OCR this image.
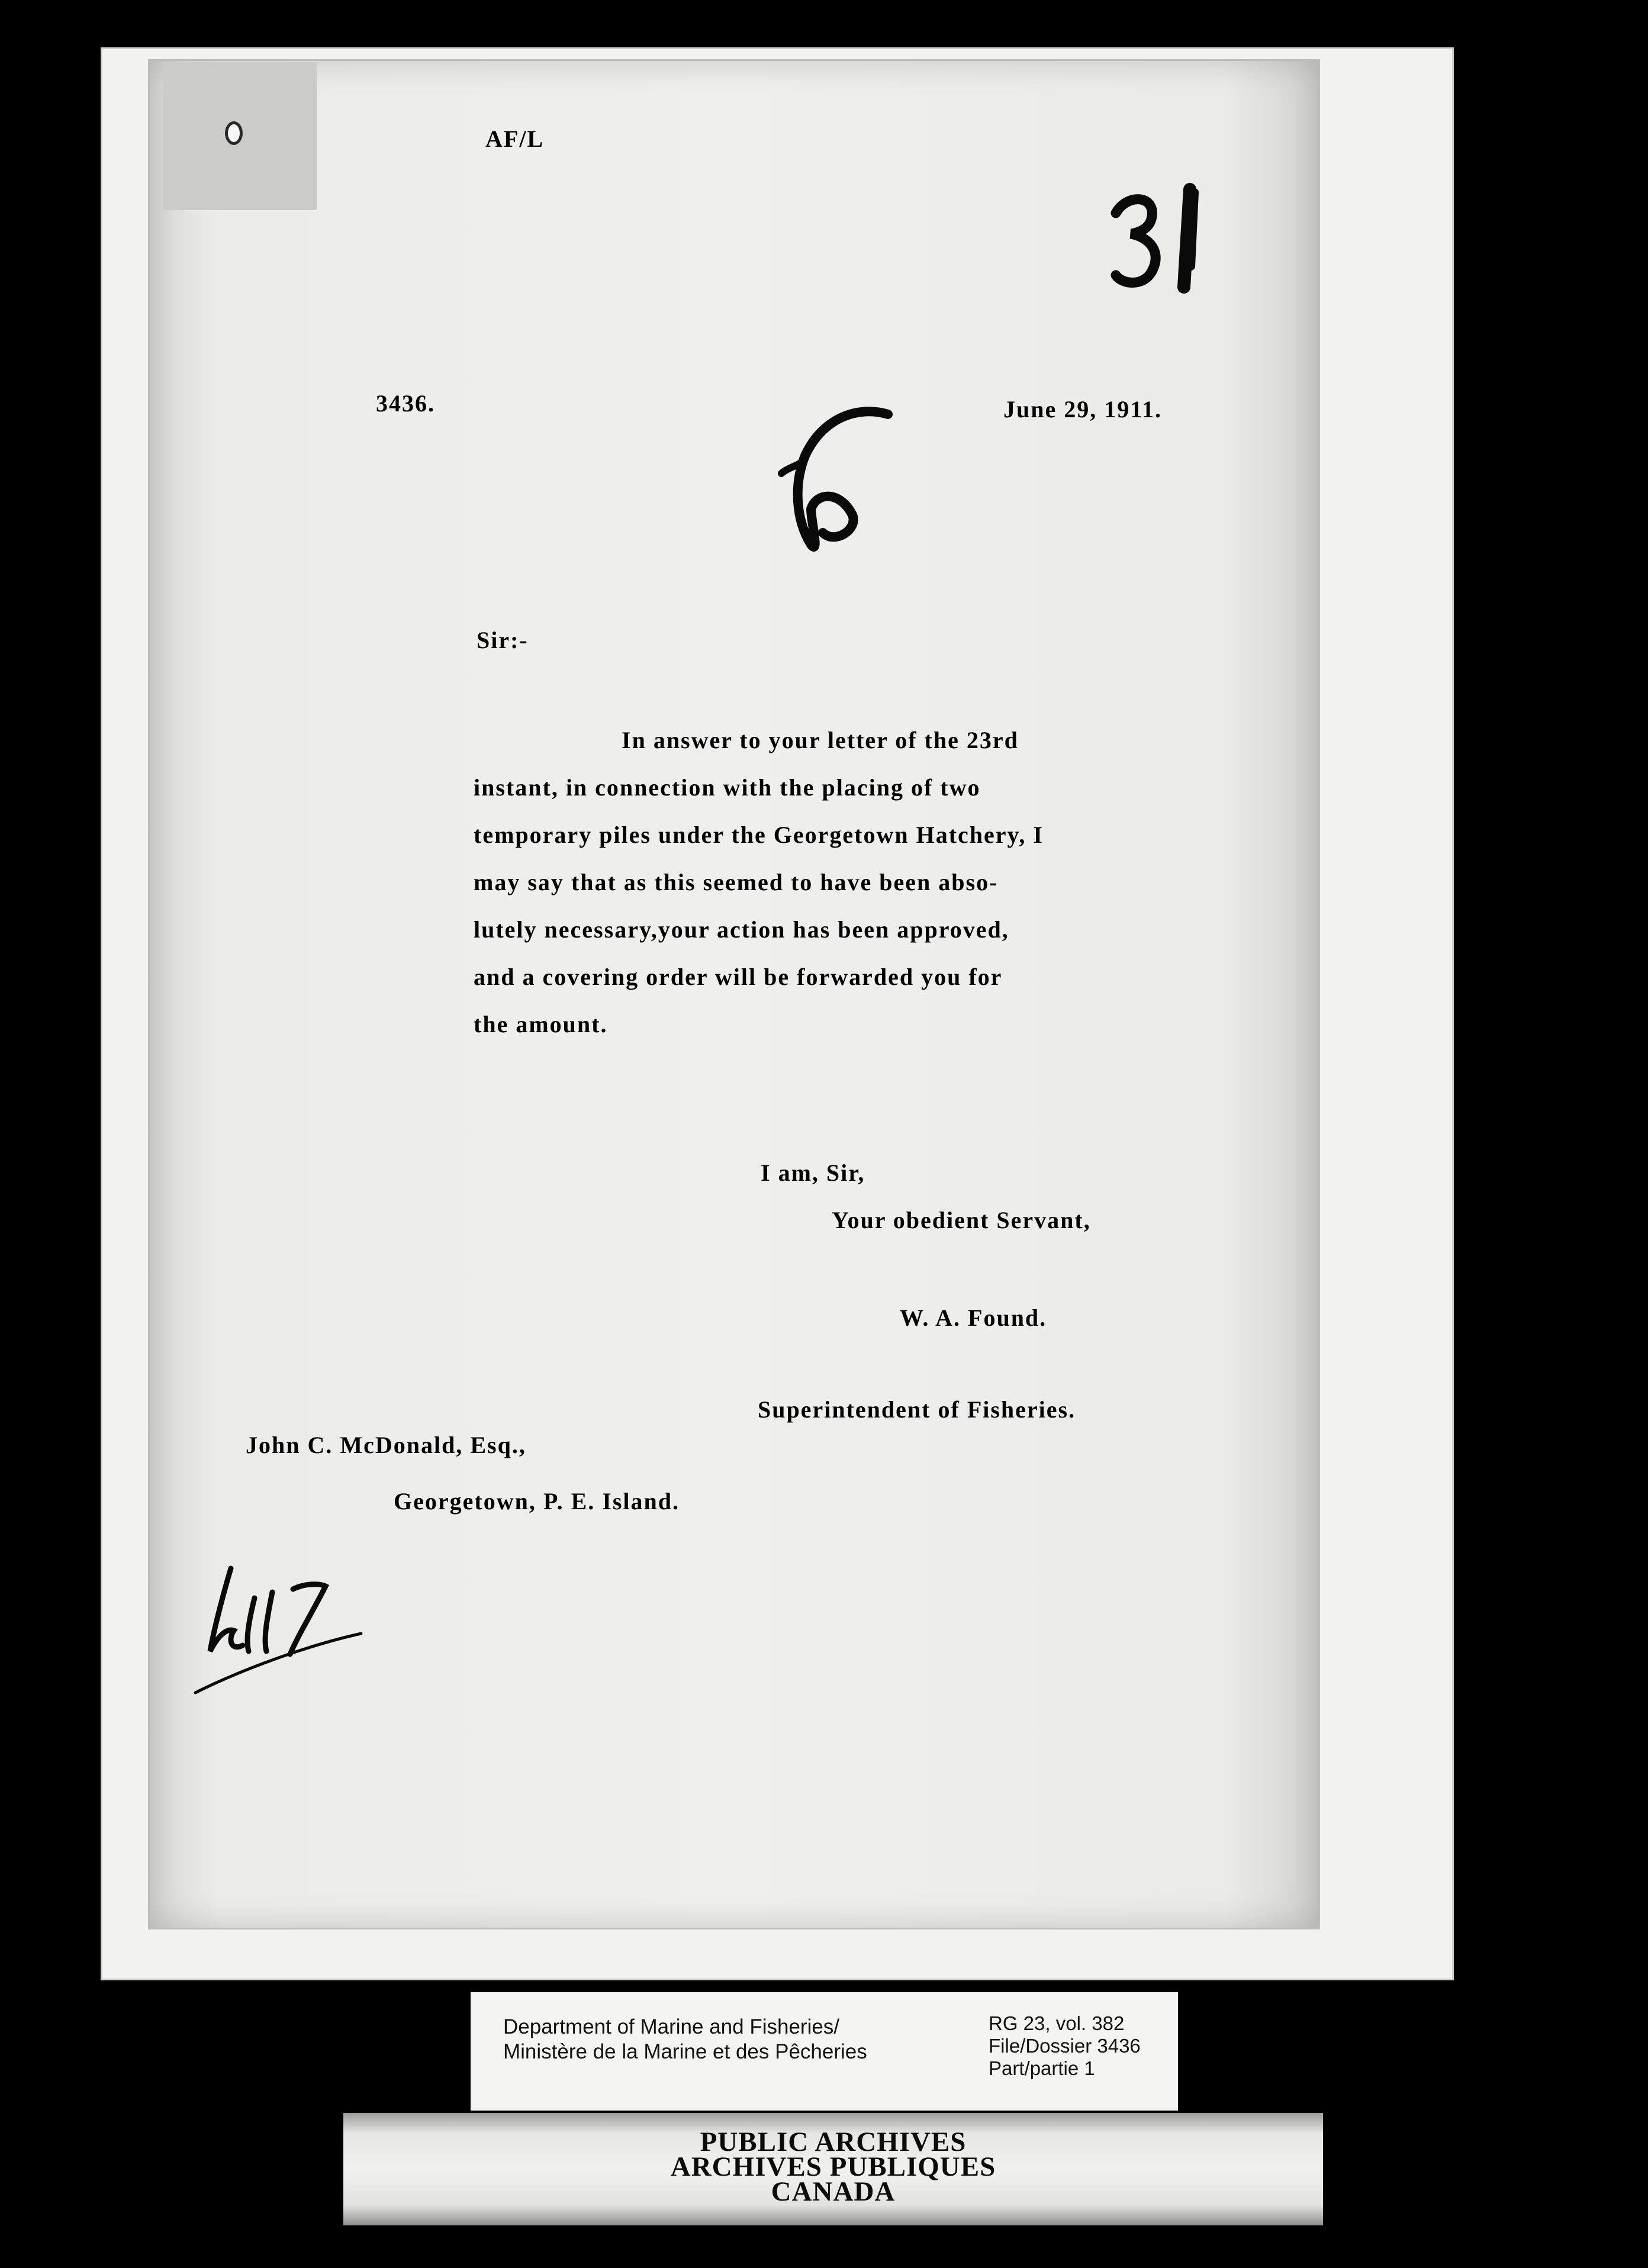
AF/L
3436.	June 29, 1911.
Sir:-
In answer to your letter of the 23rd
instant, in connection with the placing of two
temporary piles under the Georgetown Hatchery, I
may say that as this seemed to have been abso-
lutely necessary,your action has been approved,
and a covering order will be forwarded you for
the amount.
I am, Sir,
Your obedient Servant,
W. A. Found.
Superintendent of Fisheries.
John C. McDonald, Esq.,
Georgetown, P. E. Island.
Department of Marine and Fisheries/
Ministère de la Marine et des Pêcheries
RG 23, vol. 382
File/Dossier 3436
Part/partie 1
PUBLIC ARCHIVES
ARCHIVES PUBLIQUES
CANADA
